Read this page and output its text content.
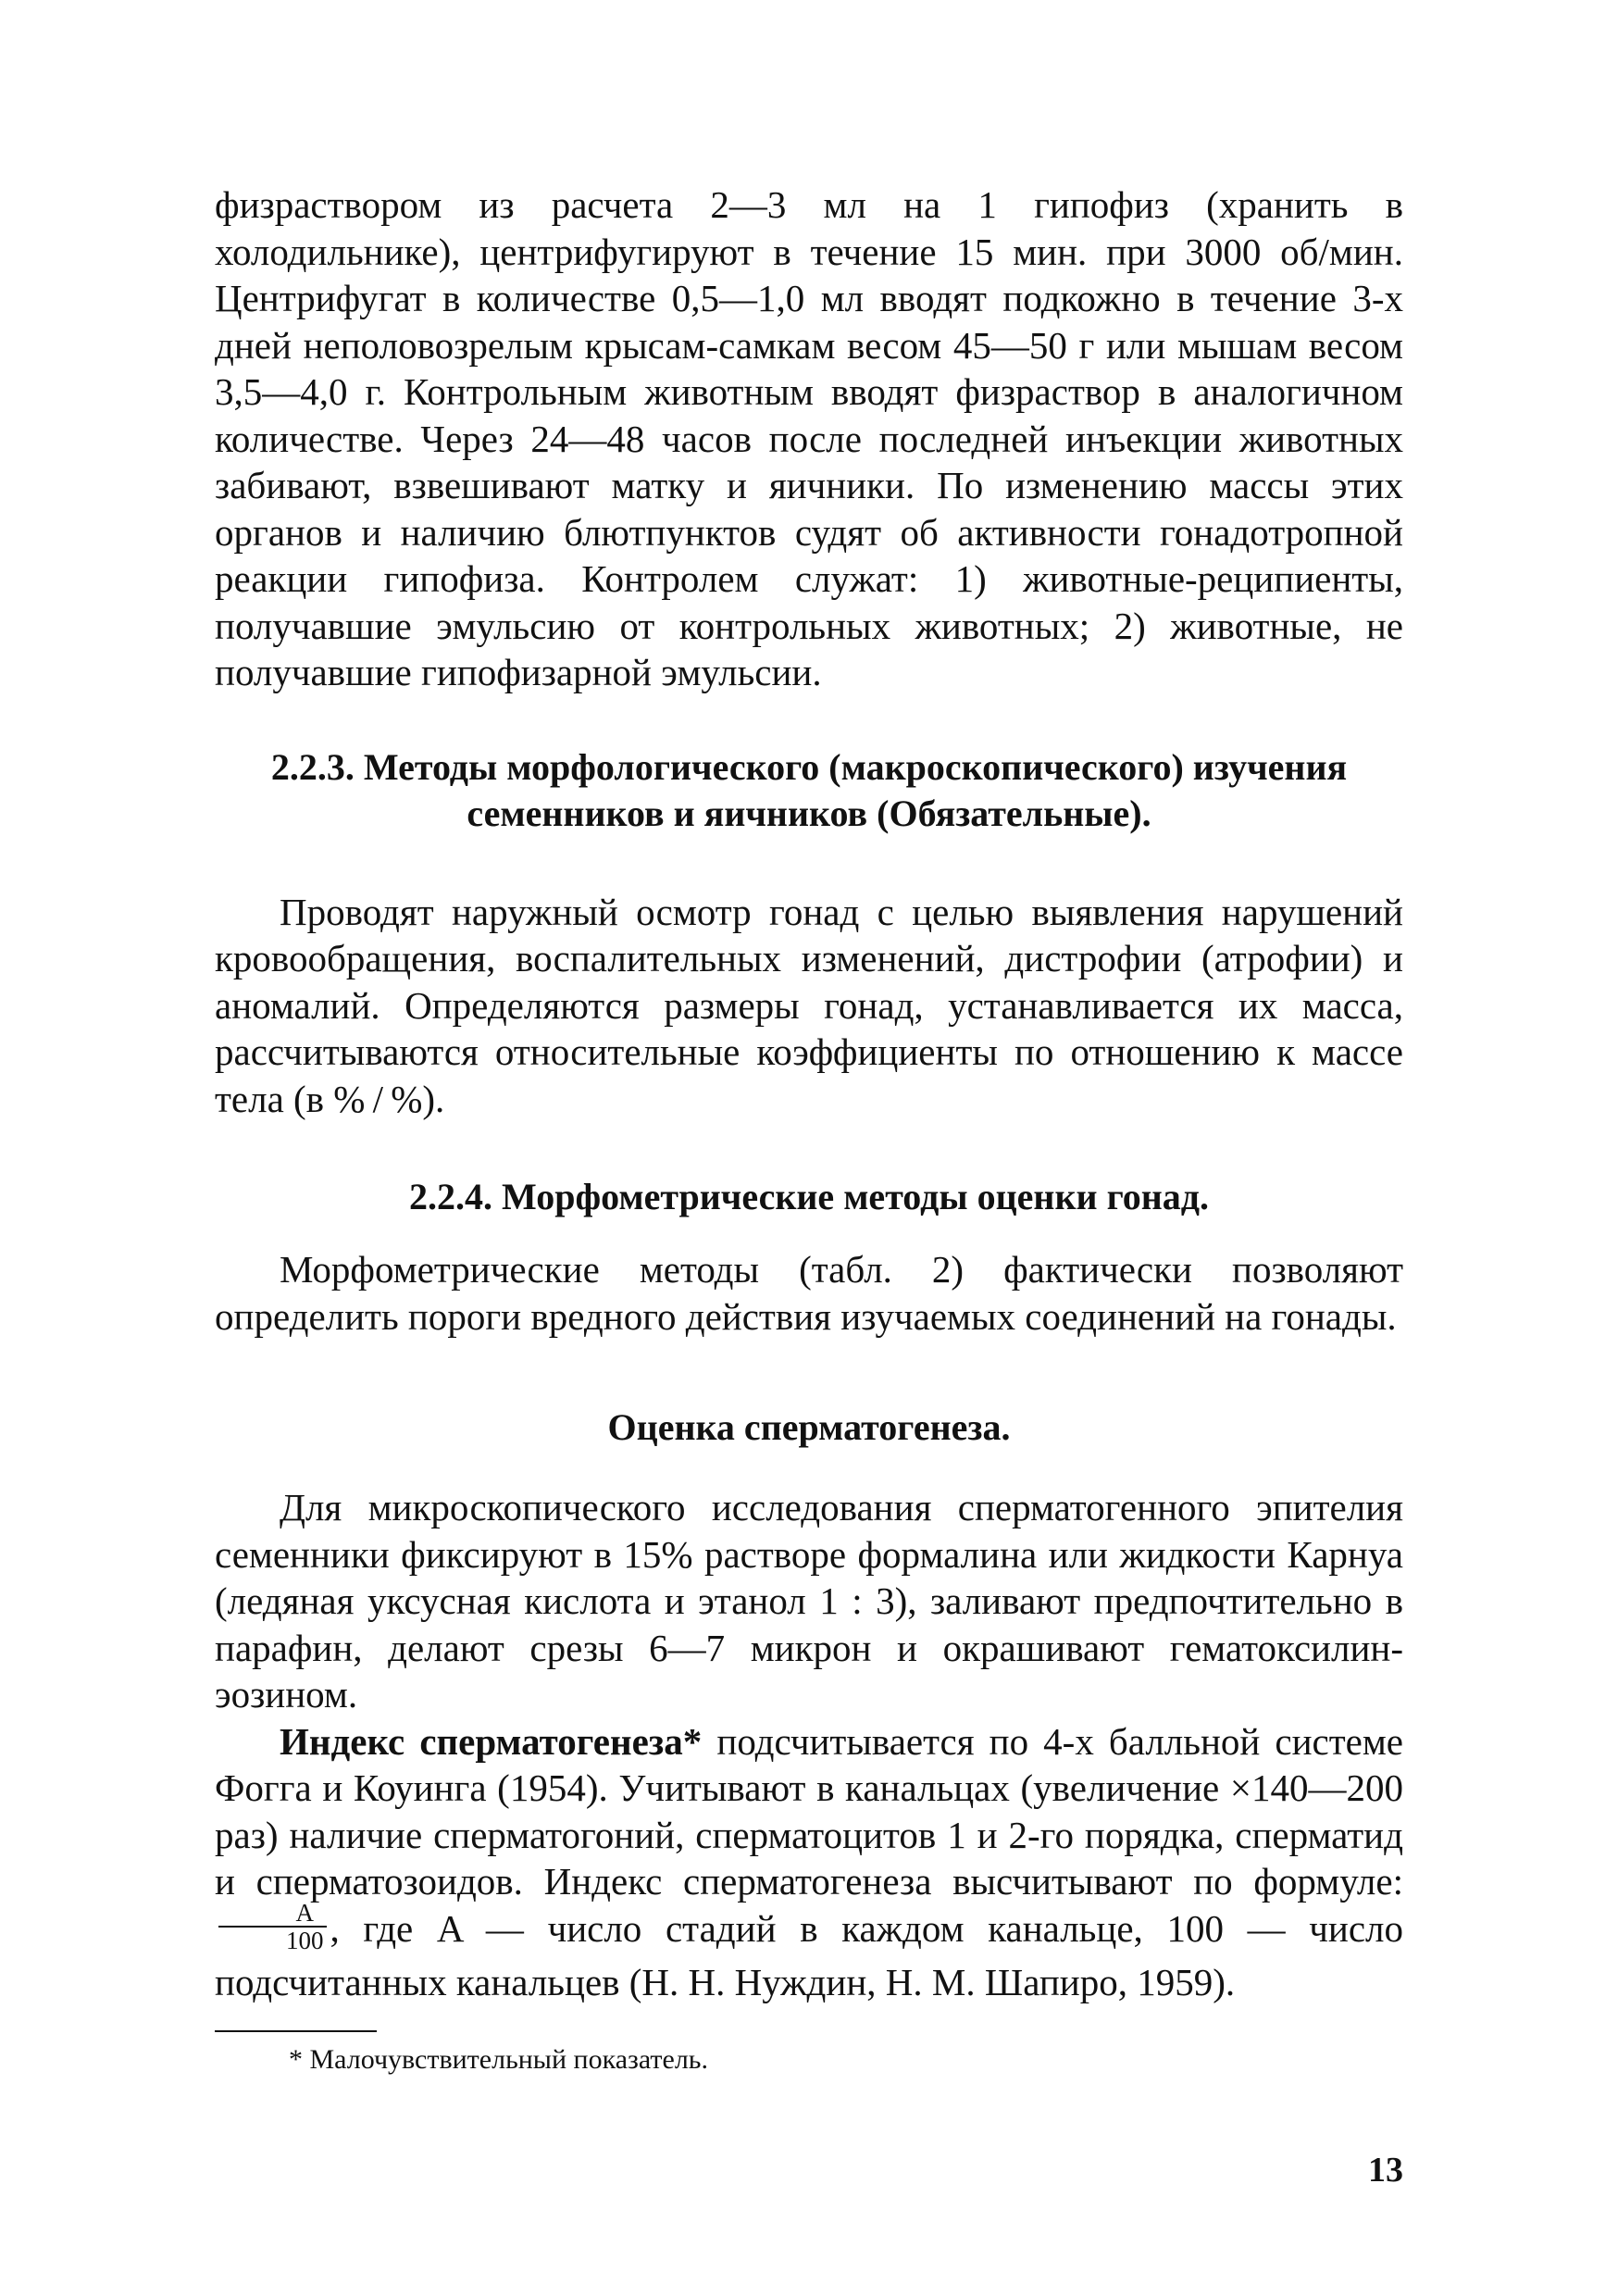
физраствором из расчета 2—3 мл на 1 гипофиз (хранить в холодильнике), центрифугируют в течение 15 мин. при 3000 об/мин. Центрифугат в количестве 0,5—1,0 мл вводят подкожно в течение 3-х дней неполовозрелым крысам-самкам весом 45—50 г или мышам весом 3,5—4,0 г. Контрольным животным вводят физраствор в аналогичном количестве. Через 24—48 часов после последней инъекции животных забивают, взвешивают матку и яичники. По изменению массы этих органов и наличию блютпунктов судят об активности гонадотропной реакции гипофиза. Контролем служат: 1) животные-реципиенты, получавшие эмульсию от контрольных животных; 2) животные, не получавшие гипофизарной эмульсии.

2.2.3. Методы морфологического (макроскопического) изучения семенников и яичников (Обязательные).

Проводят наружный осмотр гонад с целью выявления нарушений кровообращения, воспалительных изменений, дистрофии (атрофии) и аномалий. Определяются размеры гонад, устанавливается их масса, рассчитываются относительные коэффициенты по отношению к массе тела (в % / %).

2.2.4. Морфометрические методы оценки гонад.

Морфометрические методы (табл. 2) фактически позволяют определить пороги вредного действия изучаемых соединений на гонады.

Оценка сперматогенеза.

Для микроскопического исследования сперматогенного эпителия семенники фиксируют в 15% растворе формалина или жидкости Карнуа (ледяная уксусная кислота и этанол 1 : 3), заливают предпочтительно в парафин, делают срезы 6—7 микрон и окрашивают гематоксилин-эозином.

Индекс сперматогенеза* подсчитывается по 4-х балльной системе Фогга и Коуинга (1954). Учитывают в канальцах (увеличение ×140—200 раз) наличие сперматогоний, сперматоцитов 1 и 2-го порядка, сперматид и сперматозоидов. Индекс сперматогенеза высчитывают по формуле:
$\frac{A}{100}$ , где A — число стадий в каждом канальце, 100 — число подсчитанных канальцев (Н. Н. Нуждин, Н. М. Шапиро, 1959).

* Малочувствительный показатель.
13
